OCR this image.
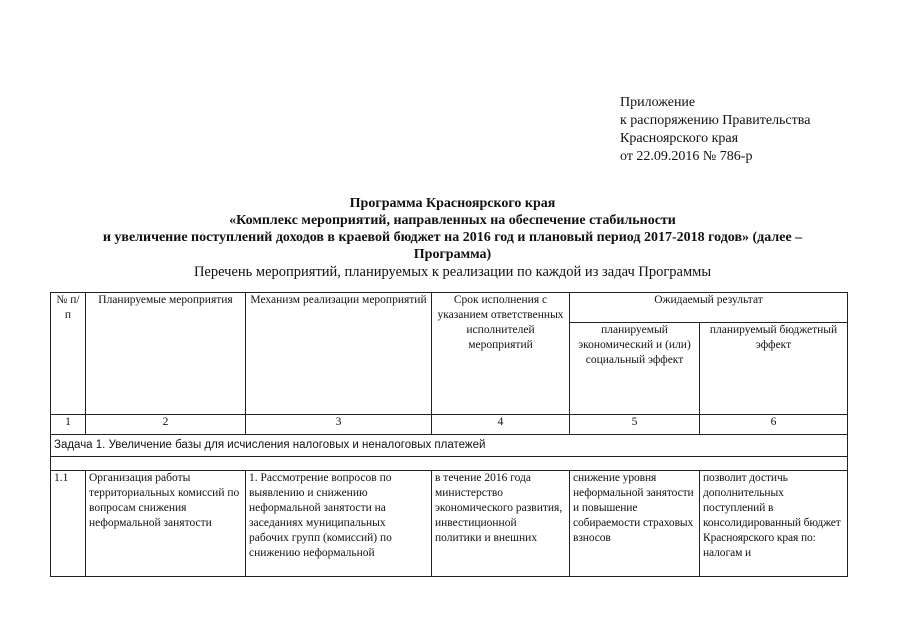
Приложение
к распоряжению Правительства
Красноярского края
от 22.09.2016 № 786-р
Программа Красноярского края
«Комплекс мероприятий, направленных на обеспечение стабильности
и увеличение поступлений доходов в краевой бюджет на 2016 год и плановый период 2017-2018 годов» (далее –
Программа)
Перечень мероприятий, планируемых к реализации по каждой из задач Программы
№ п/п	Планируемые мероприятия	Механизм реализации мероприятий	Срок исполнения с указанием ответственных исполнителей мероприятий	Ожидаемый результат	
				планируемый экономический и (или) социальный эффект	планируемый бюджетный эффект
1	2	3	4	5	6
Задача 1. Увеличение базы для исчисления налоговых и неналоговых платежей					

1.1	Организация работы территориальных комиссий по вопросам снижения неформальной занятости	1. Рассмотрение вопросов по выявлению и снижению неформальной занятости на заседаниях муниципальных рабочих групп (комиссий) по снижению неформальной	в течение 2016 года министерство экономического развития, инвестиционной политики и внешних	снижение уровня неформальной занятости и повышение собираемости страховых взносов	позволит достичь дополнительных поступлений в консолидированный бюджет Красноярского края по: налогам и
